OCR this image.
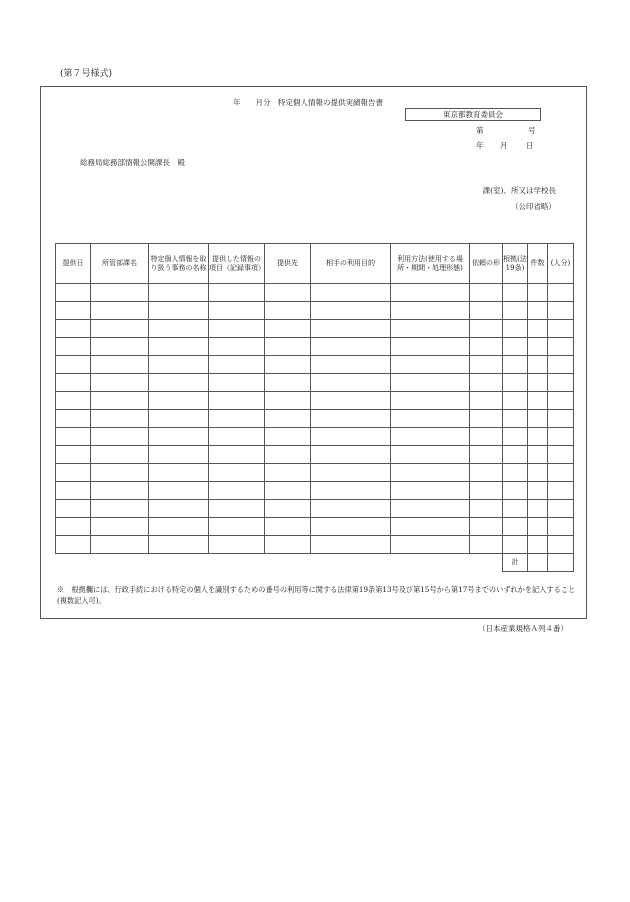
(第７号様式)
年　　月分　特定個人情報の提供実績報告書
東京都教育委員会
第	号
年 月 日
総務局総務部情報公開課長　殿
課(室)、所又は学校長
（公印省略）
提供日	所管部課名	特定個人情報を取り扱う事務の名称	提供した情報の項目（記録事項）	提供先	相手の利用目的	利用方法(使用する場所・期間・処理形態)	依頼の形	根拠(法19条)	件数	(人分)

								計		
※　根拠欄には、行政手続における特定の個人を識別するための番号の利用等に関する法律第19条第13号及び第15号から第17号までのいずれかを記入すること(複数記入可)。
（日本産業規格Ａ列４番）
